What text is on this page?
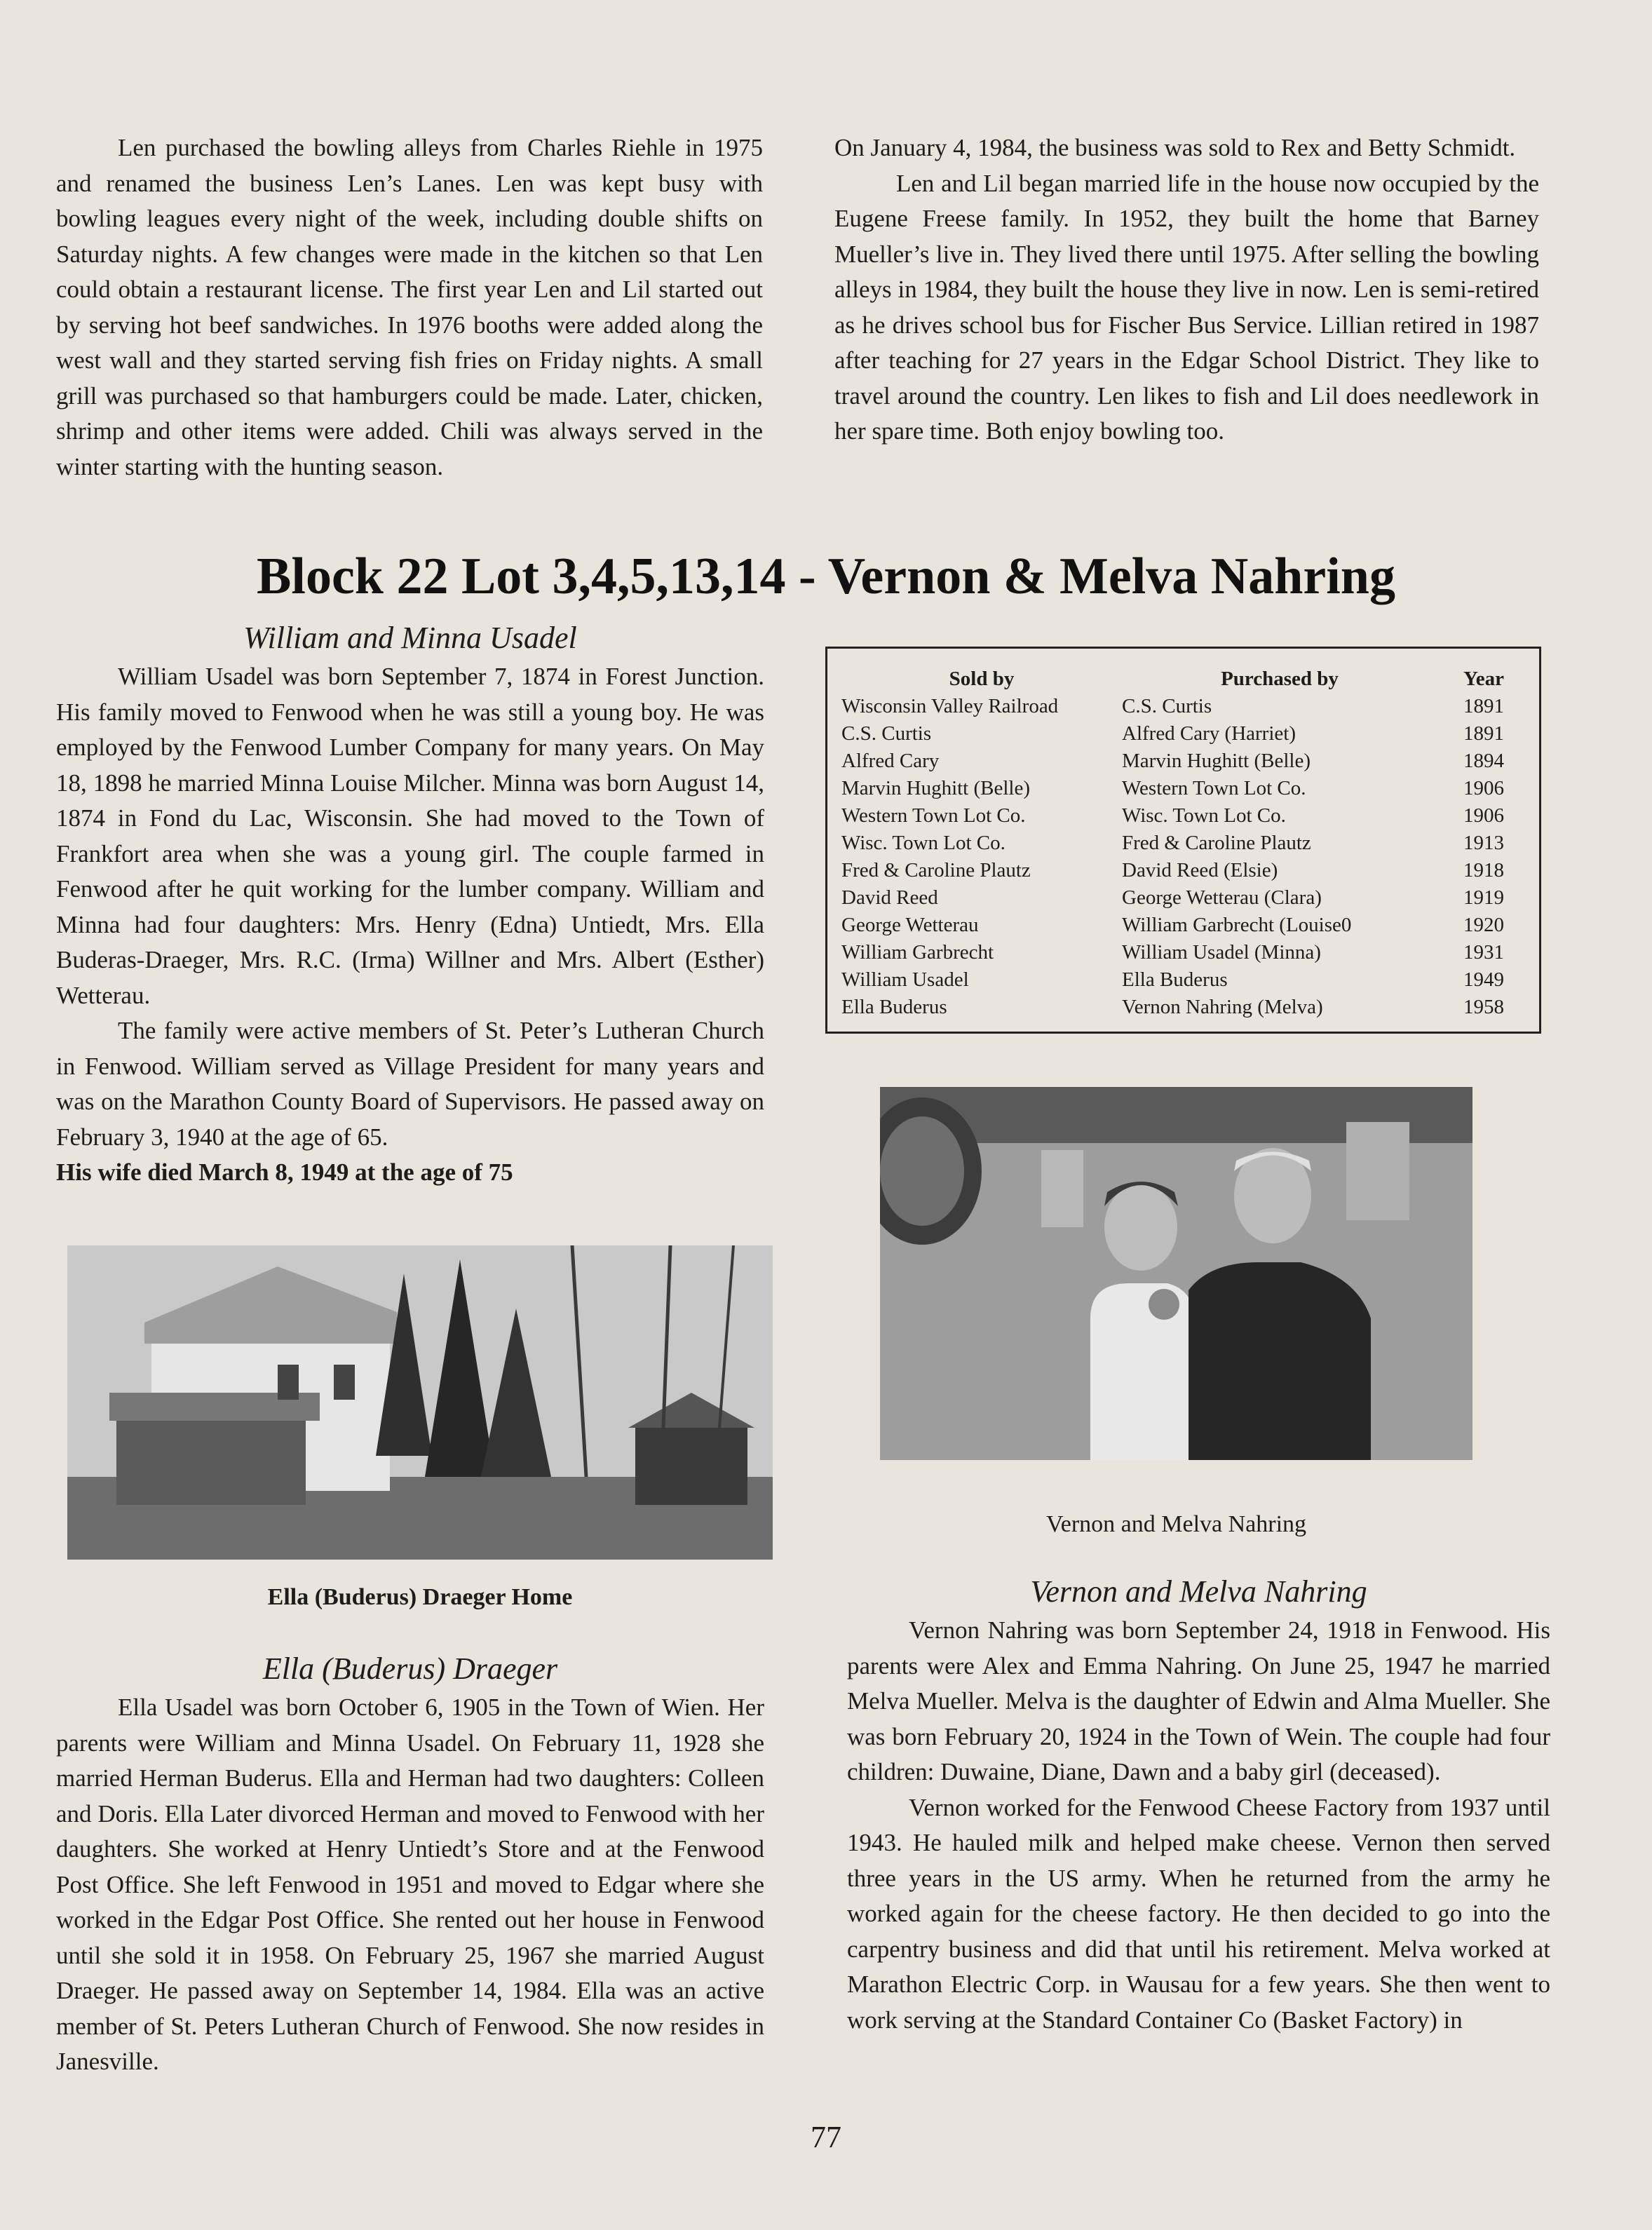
Len purchased the bowling alleys from Charles Riehle in 1975 and renamed the business Len’s Lanes. Len was kept busy with bowling leagues every night of the week, including double shifts on Saturday nights. A few changes were made in the kitchen so that Len could obtain a restaurant license. The first year Len and Lil started out by serving hot beef sandwiches. In 1976 booths were added along the west wall and they started serving fish fries on Friday nights. A small grill was purchased so that hamburgers could be made. Later, chicken, shrimp and other items were added. Chili was always served in the winter starting with the hunting season.

On January 4, 1984, the business was sold to Rex and Betty Schmidt.

Len and Lil began married life in the house now occupied by the Eugene Freese family. In 1952, they built the home that Barney Mueller’s live in. They lived there until 1975. After selling the bowling alleys in 1984, they built the house they live in now. Len is semi-retired as he drives school bus for Fischer Bus Service. Lillian retired in 1987 after teaching for 27 years in the Edgar School District. They like to travel around the country. Len likes to fish and Lil does needlework in her spare time. Both enjoy bowling too.

Block 22 Lot 3,4,5,13,14 - Vernon & Melva Nahring

William and Minna Usadel

William Usadel was born September 7, 1874 in Forest Junction. His family moved to Fenwood when he was still a young boy. He was employed by the Fenwood Lumber Company for many years. On May 18, 1898 he married Minna Louise Milcher. Minna was born August 14, 1874 in Fond du Lac, Wisconsin. She had moved to the Town of Frankfort area when she was a young girl. The couple farmed in Fenwood after he quit working for the lumber company. William and Minna had four daughters: Mrs. Henry (Edna) Untiedt, Mrs. Ella Buderas-Draeger, Mrs. R.C. (Irma) Willner and Mrs. Albert (Esther) Wetterau.

The family were active members of St. Peter’s Lutheran Church in Fenwood. William served as Village President for many years and was on the Marathon County Board of Supervisors. He passed away on February 3, 1940 at the age of 65.

His wife died March 8, 1949 at the age of 75

Ella (Buderus) Draeger Home

Ella (Buderus) Draeger

Ella Usadel was born October 6, 1905 in the Town of Wien. Her parents were William and Minna Usadel. On February 11, 1928 she married Herman Buderus. Ella and Herman had two daughters: Colleen and Doris. Ella Later divorced Herman and moved to Fenwood with her daughters. She worked at Henry Untiedt’s Store and at the Fenwood Post Office. She left Fenwood in 1951 and moved to Edgar where she worked in the Edgar Post Office. She rented out her house in Fenwood until she sold it in 1958. On February 25, 1967 she married August Draeger. He passed away on September 14, 1984. Ella was an active member of St. Peters Lutheran Church of Fenwood. She now resides in Janesville.

Sold by	Purchased by	Year
Wisconsin Valley Railroad	C.S. Curtis	1891
C.S. Curtis	Alfred Cary (Harriet)	1891
Alfred Cary	Marvin Hughitt (Belle)	1894
Marvin Hughitt (Belle)	Western Town Lot Co.	1906
Western Town Lot Co.	Wisc. Town Lot Co.	1906
Wisc. Town Lot Co.	Fred & Caroline Plautz	1913
Fred & Caroline Plautz	David Reed (Elsie)	1918
David Reed	George Wetterau (Clara)	1919
George Wetterau	William Garbrecht (Louise0	1920
William Garbrecht	William Usadel (Minna)	1931
William Usadel	Ella Buderus	1949
Ella Buderus	Vernon Nahring (Melva)	1958
Vernon and Melva Nahring

Vernon and Melva Nahring

Vernon Nahring was born September 24, 1918 in Fenwood. His parents were Alex and Emma Nahring. On June 25, 1947 he married Melva Mueller. Melva is the daughter of Edwin and Alma Mueller. She was born February 20, 1924 in the Town of Wein. The couple had four children: Duwaine, Diane, Dawn and a baby girl (deceased).

Vernon worked for the Fenwood Cheese Factory from 1937 until 1943. He hauled milk and helped make cheese. Vernon then served three years in the US army. When he returned from the army he worked again for the cheese factory. He then decided to go into the carpentry business and did that until his retirement. Melva worked at Marathon Electric Corp. in Wausau for a few years. She then went to work serving at the Standard Container Co (Basket Factory) in

77
